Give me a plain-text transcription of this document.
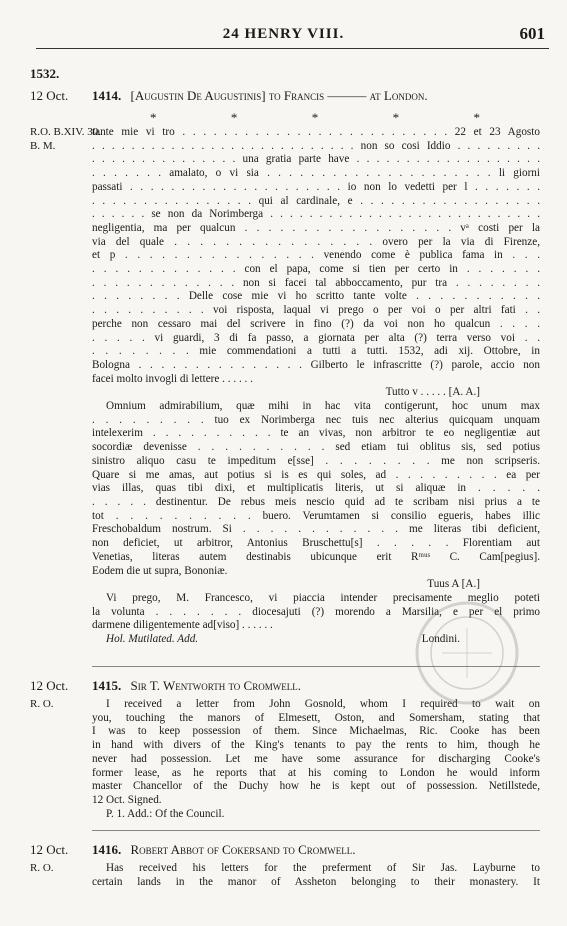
24 HENRY VIII.	601
1532.
12 Oct. 1414. [Augustin De Augustinis] to Francis ——— at London.
*	*	*	*	*
R.O. B.XIV. 30.
B. M.
tante mie vi tro . . . . . . . . . . . . . . . . . . . . . . . . . . 22 et 23 Agosto
. . . . . . . . . . . . . . . . . . . . . . . . . . . non so cosi Iddio . . . . . . . . .
. . . . . . . . . . . . . . . una gratia parte have . . . . . . . . . . . . . . . . . . .
. . . . . . . amalato, o vi sia . . . . . . . . . . . . . . . . . . . . . li giorni
passati . . . . . . . . . . . . . . . . . . . . . io non lo vedetti per l . . . . . . .
. . . . . . . . . . . . . . . . qui al cardinale, e . . . . . . . . . . . . . . . . . .
. . . . . . se non da Norimberga . . . . . . . . . . . . . . . . . . . . . . . . . . . .
negligentia, ma per qualcun . . . . . . . . . . . . . . . . . . vᵃ costi per la
via del quale . . . . . . . . . . . . . . . . overo per la via di Firenze,
et p . . . . . . . . . . . . . . . . venendo come è publica fama in . . .
. . . . . . . . . . . . . con el papa, come si tien per certo in . . . . . . .
. . . . . . . . . . . . . non si facei tal abboccamento, pur tra . . . . . . . .
. . . . . . . . Delle cose mie vi ho scritto tante volte . . . . . . . . . . .
. . . . . . . . . . voi risposta, laqual vi prego o per voi o per altri fati . .
perche non cessaro mai del scrivere in fino (?) da voi non ho qualcun . . . .
. . . . . vi guardi, 3 di fa passo, a giornata per alta (?) terra verso voi . .
. . . . . . . . mie commendationi a tutti a tutti. 1532, adi xij. Ottobre, in
Bologna . . . . . . . . . . . . . . . Gilberto le infrascritte (?) parole, accio non
facei molto invogli di lettere . . . . . .
Tutto v . . . . . [A. A.]
Omnium admirabilium, quæ mihi in hac vita contigerunt, hoc unum max
. . . . . . . . . tuo ex Norimberga nec tuis nec alterius quicquam unquam
intelexerim . . . . . . . . . . te an vivas, non arbitror te eo negligentiæ aut
socordiæ devenisse . . . . . . . . . . sed etiam tui oblitus sis, sed potius
sinistro aliquo casu te impeditum e[sse] . . . . . . . . me non scripseris.
Quare si me amas, aut potius si is es qui soles, ad . . . . . . . . . ea per
vias illas, quas tibi dixi, et multiplicatis literis, ut si aliquæ in . . . . .
. . . . . destinentur. De rebus meis nescio quid ad te scribam nisi prius a te
tot . . . . . . . . . . buero. Verumtamen si consilio egueris, habes illic
Freschobaldum nostrum. Si . . . . . . . . . . . . me literas tibi deficient,
non deficiet, ut arbitror, Antonius Bruschettu[s] . . . . . Florentiam aut
Venetias, literas autem destinabis ubicunque erit Rᵐᵘˢ C. Cam[pegius].
Eodem die ut supra, Bononiæ.
Tuus A [A.]
Vi prego, M. Francesco, vi piaccia intender precisamente meglio poteti
la volunta . . . . . . . diocesajuti (?) morendo a Marsilia, e per el primo
darmene diligentemente ad[viso] . . . . . .
Hol. Mutilated. Add.	Londini.
12 Oct. 1415. Sir T. Wentworth to Cromwell.
R. O.	I received a letter from John Gosnold, whom I required to wait on
you, touching the manors of Elmesett, Oston, and Somersham, stating that
I was to keep possession of them. Since Michaelmas, Ric. Cooke has been
in hand with divers of the King's tenants to pay the rents to him, though he
never had possession. Let me have some assurance for discharging Cooke's
former lease, as he reports that at his coming to London he would inform
master Chancellor of the Duchy how he is kept out of possession. Netillstede,
12 Oct. Signed.
P. 1. Add.: Of the Council.
12 Oct. 1416. Robert Abbot of Cokersand to Cromwell.
R. O.	Has received his letters for the preferment of Sir Jas. Layburne to
certain lands in the manor of Assheton belonging to their monastery. It
